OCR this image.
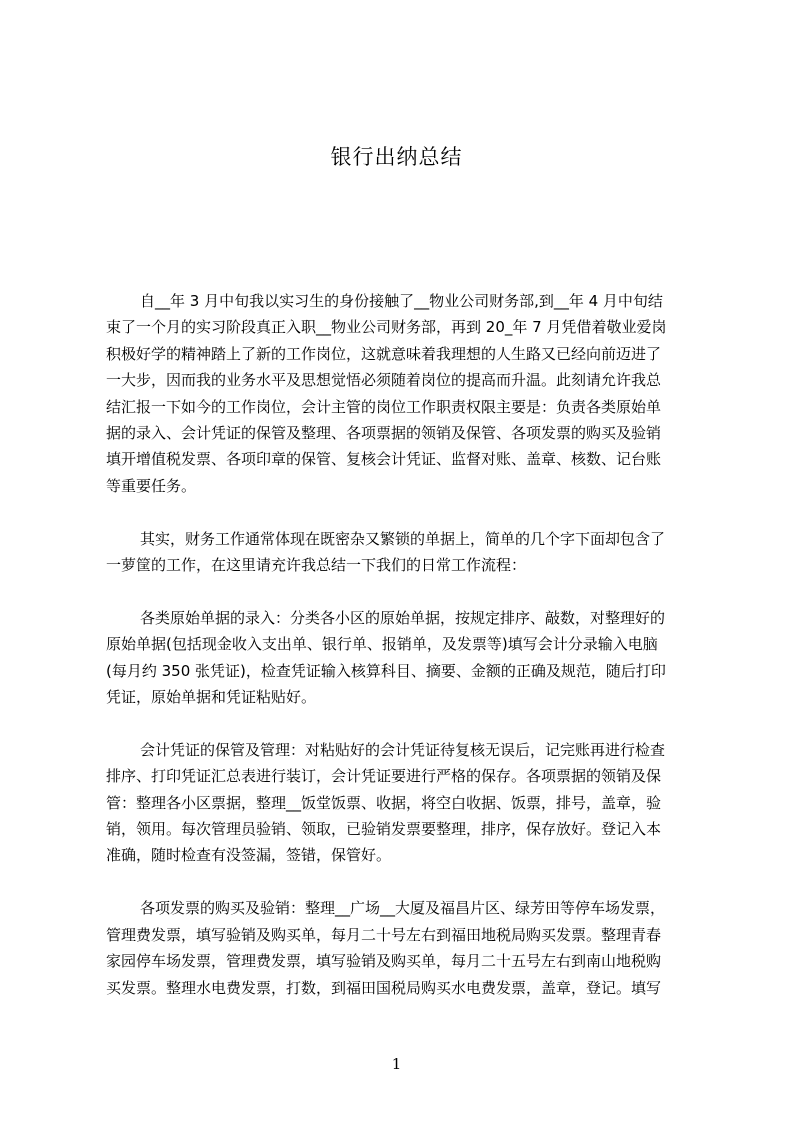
银行出纳总结
自__年 3 月中旬我以实习生的身份接触了__物业公司财务部,到__年 4 月中旬结
束了一个月的实习阶段真正入职__物业公司财务部，再到 20_年 7 月凭借着敬业爱岗
积极好学的精神踏上了新的工作岗位，这就意味着我理想的人生路又已经向前迈进了
一大步，因而我的业务水平及思想觉悟必须随着岗位的提高而升温。此刻请允许我总
结汇报一下如今的工作岗位，会计主管的岗位工作职责权限主要是：负责各类原始单
据的录入、会计凭证的保管及整理、各项票据的领销及保管、各项发票的购买及验销
填开增值税发票、各项印章的保管、复核会计凭证、监督对账、盖章、核数、记台账
等重要任务。
其实，财务工作通常体现在既密杂又繁锁的单据上，简单的几个字下面却包含了
一萝筐的工作，在这里请充许我总结一下我们的日常工作流程：
各类原始单据的录入：分类各小区的原始单据，按规定排序、敲数，对整理好的
原始单据(包括现金收入支出单、银行单、报销单，及发票等)填写会计分录输入电脑
(每月约 350 张凭证)，检查凭证输入核算科目、摘要、金额的正确及规范，随后打印
凭证，原始单据和凭证粘贴好。
会计凭证的保管及管理：对粘贴好的会计凭证待复核无误后，记完账再进行检查
排序、打印凭证汇总表进行装订，会计凭证要进行严格的保存。各项票据的领销及保
管：整理各小区票据，整理__饭堂饭票、收据，将空白收据、饭票，排号，盖章，验
销，领用。每次管理员验销、领取，已验销发票要整理，排序，保存放好。登记入本
准确，随时检查有没签漏，签错，保管好。
各项发票的购买及验销：整理__广场__大厦及福昌片区、绿芳田等停车场发票，
管理费发票，填写验销及购买单，每月二十号左右到福田地税局购买发票。整理青春
家园停车场发票，管理费发票，填写验销及购买单，每月二十五号左右到南山地税购
买发票。整理水电费发票，打数，到福田国税局购买水电费发票，盖章，登记。填写
1
